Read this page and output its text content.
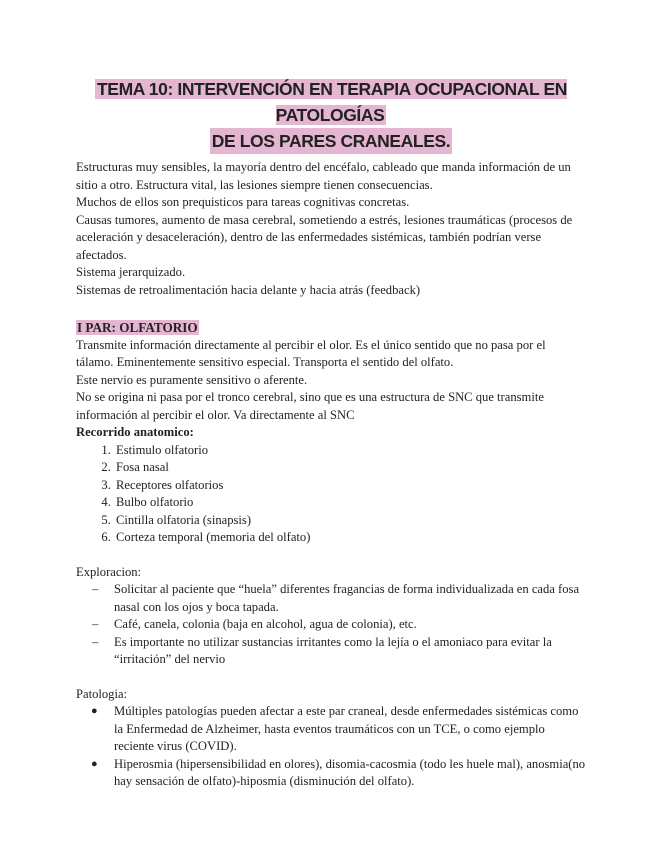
TEMA 10: INTERVENCIÓN EN TERAPIA OCUPACIONAL EN PATOLOGÍAS
DE LOS PARES CRANEALES.

Estructuras muy sensibles, la mayoría dentro del encéfalo, cableado que manda información de un sitio a otro. Estructura vital, las lesiones siempre tienen consecuencias.

Muchos de ellos son prequisticos para tareas cognitivas concretas.

Causas tumores, aumento de masa cerebral, sometiendo a estrés, lesiones traumáticas (procesos de aceleración y desaceleración), dentro de las enfermedades sistémicas, también podrían verse afectados.

Sistema jerarquizado.

Sistemas de retroalimentación hacia delante y hacia atrás (feedback)

I PAR: OLFATORIO

Transmite información directamente al percibir el olor. Es el único sentido que no pasa por el tálamo. Eminentemente sensitivo especial. Transporta el sentido del olfato.

Este nervio es puramente sensitivo o aferente.

No se origina ni pasa por el tronco cerebral, sino que es una estructura de SNC que transmite información al percibir el olor. Va directamente al SNC

Recorrido anatomico:

1. Estimulo olfatorio
2. Fosa nasal
3. Receptores olfatorios
4. Bulbo olfatorio
5. Cintilla olfatoria (sinapsis)
6. Corteza temporal (memoria del olfato)

Exploracion:

– Solicitar al paciente que “huela” diferentes fragancias de forma individualizada en cada fosa nasal con los ojos y boca tapada.
– Café, canela, colonia (baja en alcohol, agua de colonia), etc.
– Es importante no utilizar sustancias irritantes como la lejía o el amoniaco para evitar la “irritación” del nervio

Patologia:

● Múltiples patologías pueden afectar a este par craneal, desde enfermedades sistémicas como la Enfermedad de Alzheimer, hasta eventos traumáticos con un TCE, o como ejemplo reciente virus (COVID).
● Hiperosmia (hipersensibilidad en olores), disomia-cacosmia (todo les huele mal), anosmia(no hay sensación de olfato)-hiposmia (disminución del olfato).
